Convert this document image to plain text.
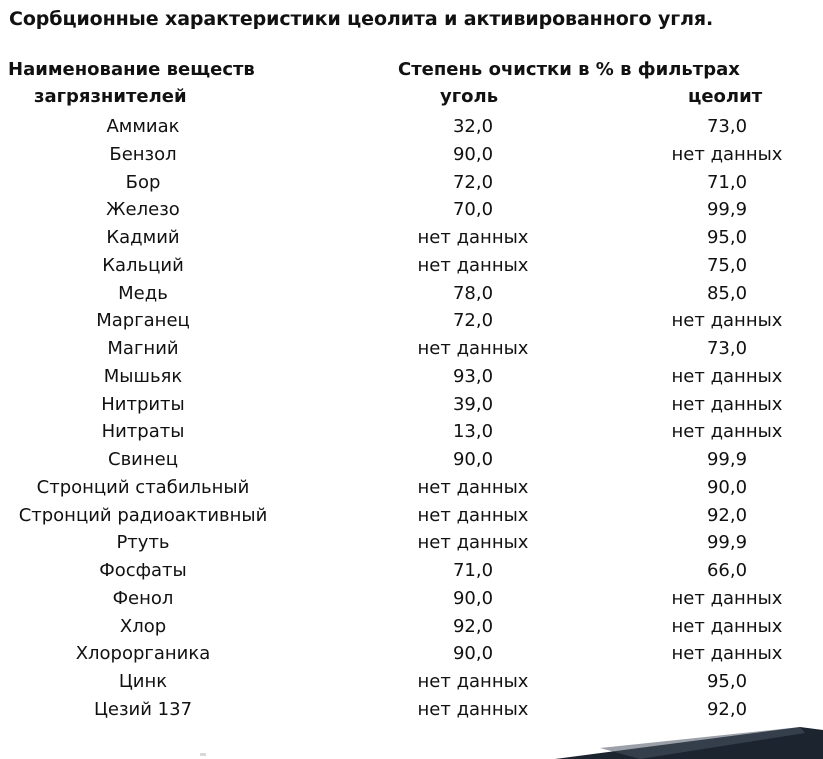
Сорбционные характеристики цеолита и активированного угля.
Наименование веществ
загрязнителей
Степень очистки в % в фильтрах
уголь	цеолит
Аммиак	32,0	73,0
Бензол	90,0	нет данных
Бор	72,0	71,0
Железо	70,0	99,9
Кадмий	нет данных	95,0
Кальций	нет данных	75,0
Медь	78,0	85,0
Марганец	72,0	нет данных
Магний	нет данных	73,0
Мышьяк	93,0	нет данных
Нитриты	39,0	нет данных
Нитраты	13,0	нет данных
Свинец	90,0	99,9
Стронций стабильный	нет данных	90,0
Стронций радиоактивный	нет данных	92,0
Ртуть	нет данных	99,9
Фосфаты	71,0	66,0
Фенол	90,0	нет данных
Хлор	92,0	нет данных
Хлорорганика	90,0	нет данных
Цинк	нет данных	95,0
Цезий 137	нет данных	92,0
